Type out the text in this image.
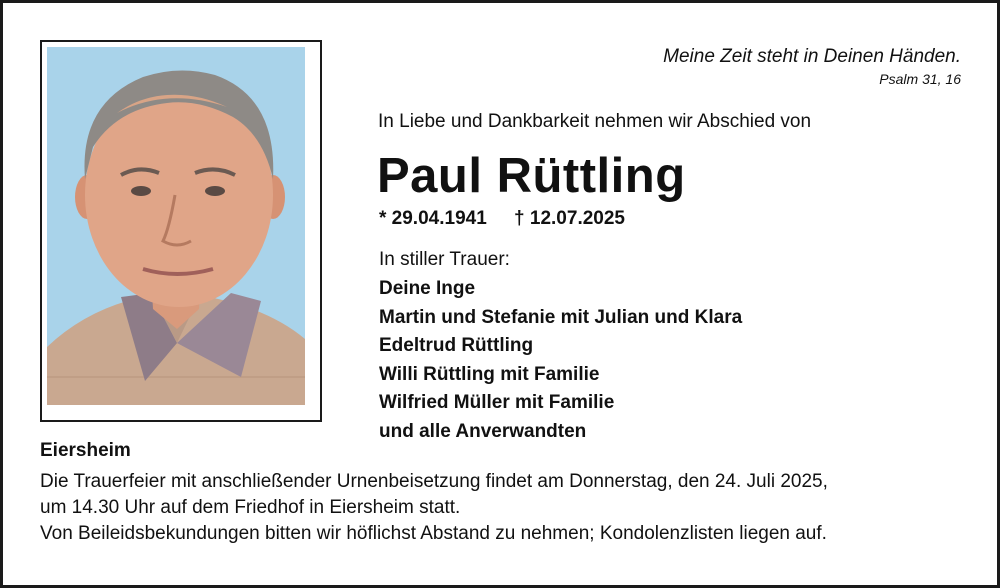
Meine Zeit steht in Deinen Händen.
Psalm 31, 16
In Liebe und Dankbarkeit nehmen wir Abschied von
Paul Rüttling
* 29.04.1941 † 12.07.2025
In stiller Trauer:
Deine Inge
Martin und Stefanie mit Julian und Klara
Edeltrud Rüttling
Willi Rüttling mit Familie
Wilfried Müller mit Familie
und alle Anverwandten
Eiersheim
Die Trauerfeier mit anschließender Urnenbeisetzung findet am Donnerstag, den 24. Juli 2025,
um 14.30 Uhr auf dem Friedhof in Eiersheim statt.
Von Beileidsbekundungen bitten wir höflichst Abstand zu nehmen; Kondolenzlisten liegen auf.
